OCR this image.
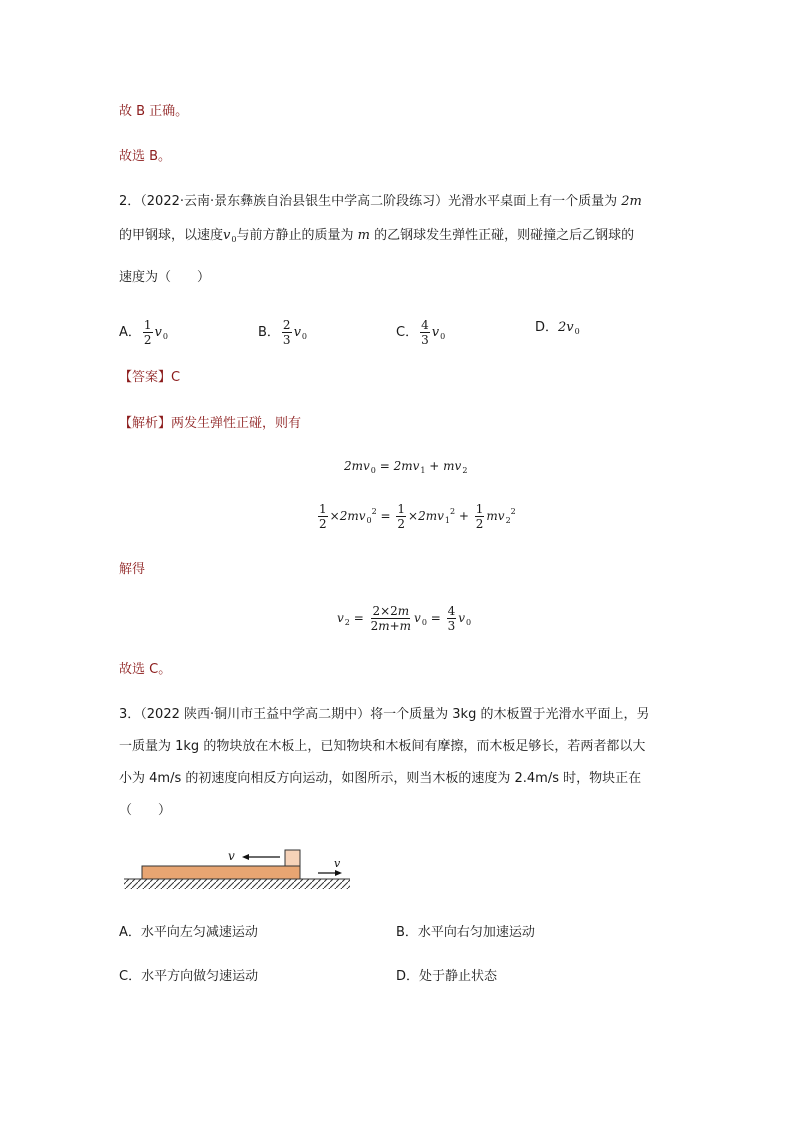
故 B 正确。
故选 B。
2．（2022·云南·景东彝族自治县银生中学高二阶段练习）光滑水平桌面上有一个质量为 2m
的甲钢球，以速度$v_0$与前方静止的质量为 m 的乙钢球发生弹性正碰，则碰撞之后乙钢球的
速度为（　　）
A． $\frac{1}{2} v_0$	B． $\frac{2}{3} v_0$	C． $\frac{4}{3} v_0$
D．$2v_0$
【答案】C
【解析】两发生弹性正碰，则有
$2mv_0 = 2mv_1 + mv_2$
$\frac{1}{2} \times 2mv_0^2 = \frac{1}{2} \times 2mv_1^2 + \frac{1}{2} mv_2^2$
解得
$v_2 = \frac{2\times 2m}{2m+m} v_0 = \frac{4}{3} v_0$
故选 C。
3．（2022 陕西·铜川市王益中学高二期中）将一个质量为 3kg 的木板置于光滑水平面上，另
一质量为 1kg 的物块放在木板上，已知物块和木板间有摩擦，而木板足够长，若两者都以大
小为 4m/s 的初速度向相反方向运动，如图所示，则当木板的速度为 2.4m/s 时，物块正在
（　　）
v
v
A．水平向左匀减速运动	B．水平向右匀加速运动
C．水平方向做匀速运动	D．处于静止状态
